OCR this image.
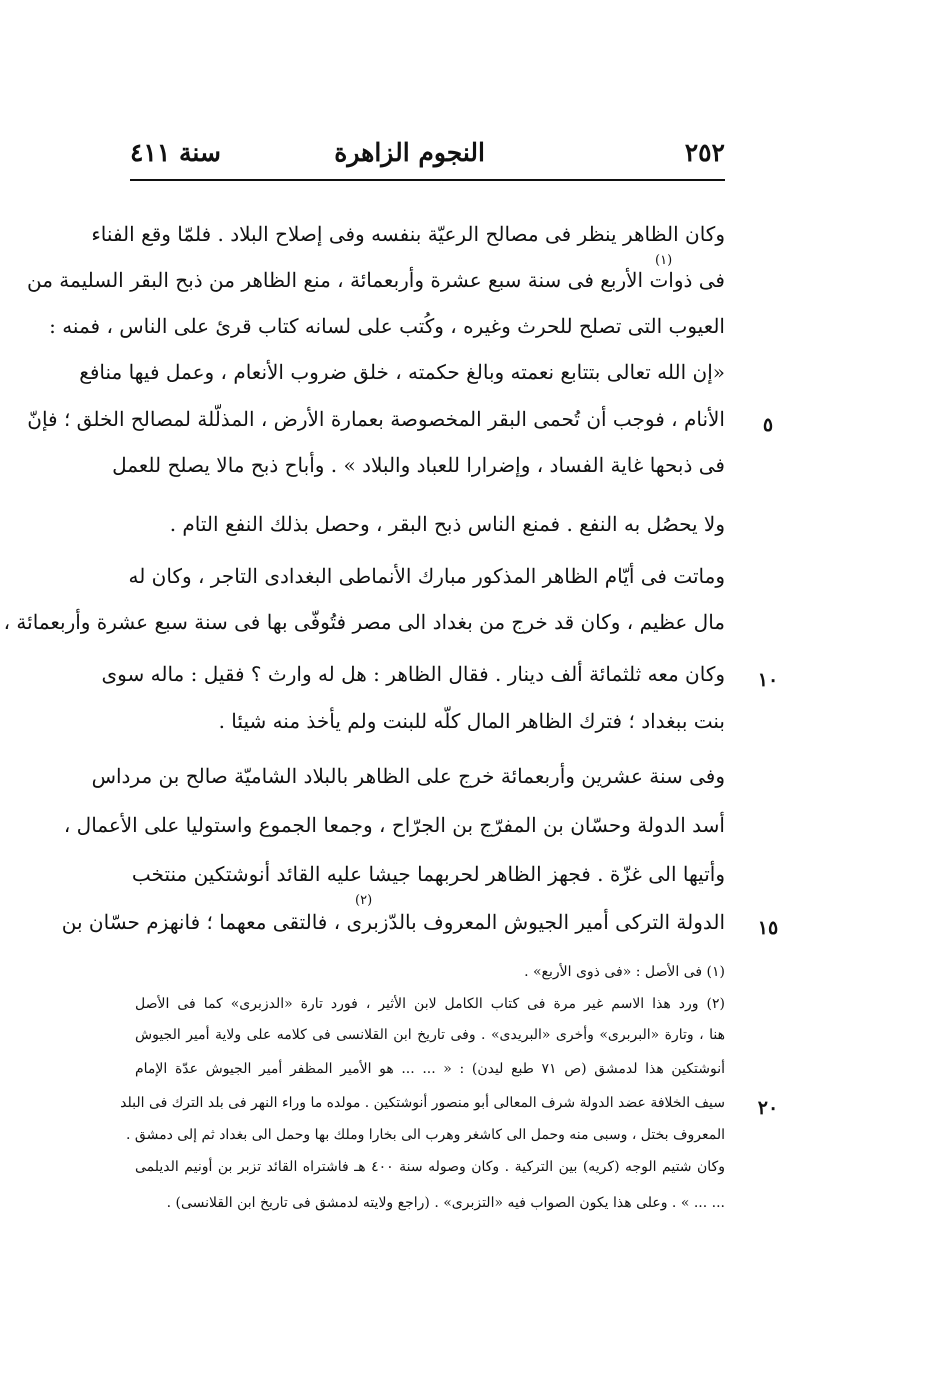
٢٥٢
النجوم الزاهرة
سنة ٤١١
وكان الظاهر ينظر فى مصالح الرعيّة بنفسه وفى إصلاح البلاد . فلمّا وقع الفناء
فى ذوات الأربع فى سنة سبع عشرة وأربعمائة ، منع الظاهر من ذبح البقر السليمة من
العيوب التى تصلح للحرث وغيره ، وكُتب على لسانه كتاب قرئ على الناس ، فمنه :
«إن الله تعالى بتتابع نعمته وبالغ حكمته ، خلق ضروب الأنعام ، وعمل فيها منافع
الأنام ، فوجب أن تُحمى البقر المخصوصة بعمارة الأرض ، المذلّلة لمصالح الخلق ؛ فإنّ
فى ذبحها غاية الفساد ، وإضرارا للعباد والبلاد » . وأباح ذبح مالا يصلح للعمل
ولا يحصُل به النفع . فمنع الناس ذبح البقر ، وحصل بذلك النفع التام .
وماتت فى أيّام الظاهر المذكور مبارك الأنماطى البغدادى التاجر ، وكان له
مال عظيم ، وكان قد خرج من بغداد الى مصر فتُوفّى بها فى سنة سبع عشرة وأربعمائة ،
وكان معه ثلثمائة ألف دينار . فقال الظاهر : هل له وارث ؟ فقيل : ماله سوى
بنت ببغداد ؛ فترك الظاهر المال كلّه للبنت ولم يأخذ منه شيئا .
وفى سنة عشرين وأربعمائة خرج على الظاهر بالبلاد الشاميّة صالح بن مرداس
أسد الدولة وحسّان بن المفرّج بن الجرّاح ، وجمعا الجموع واستوليا على الأعمال ،
وأتيها الى غزّة . فجهز الظاهر لحربهما جيشا عليه القائد أنوشتكين منتخب
الدولة التركى أمير الجيوش المعروف بالدّزبرى ، فالتقى معهما ؛ فانهزم حسّان بن
(١)
(٢)
٥
١٠
١٥
٢٠
(١) فى الأصل : «فى ذوى الأربع» .
(٢) ورد هذا الاسم غير مرة فى كتاب الكامل لابن الأثير ، فورد تارة «الدزبرى» كما فى الأصل
هنا ، وتارة «البربرى» وأخرى «البريدى» . وفى تاريخ ابن القلانسى فى كلامه على ولاية أمير الجيوش
أنوشتكين هذا لدمشق (ص ٧١ طبع ليدن) : « ... ... هو الأمير المظفر أمير الجيوش عدّة الإمام
سيف الخلافة عضد الدولة شرف المعالى أبو منصور أنوشتكين . مولده ما وراء النهر فى بلد الترك فى البلد
المعروف بختل ، وسبى منه وحمل الى كاشغر وهرب الى بخارا وملك بها وحمل الى بغداد ثم إلى دمشق .
وكان شتيم الوجه (كريه) بين التركية . وكان وصوله سنة ٤٠٠ هـ فاشتراه القائد تزبر بن أونيم الديلمى
... ... » . وعلى هذا يكون الصواب فيه «التزبرى» . (راجع ولايته لدمشق فى تاريخ ابن القلانسى) .
